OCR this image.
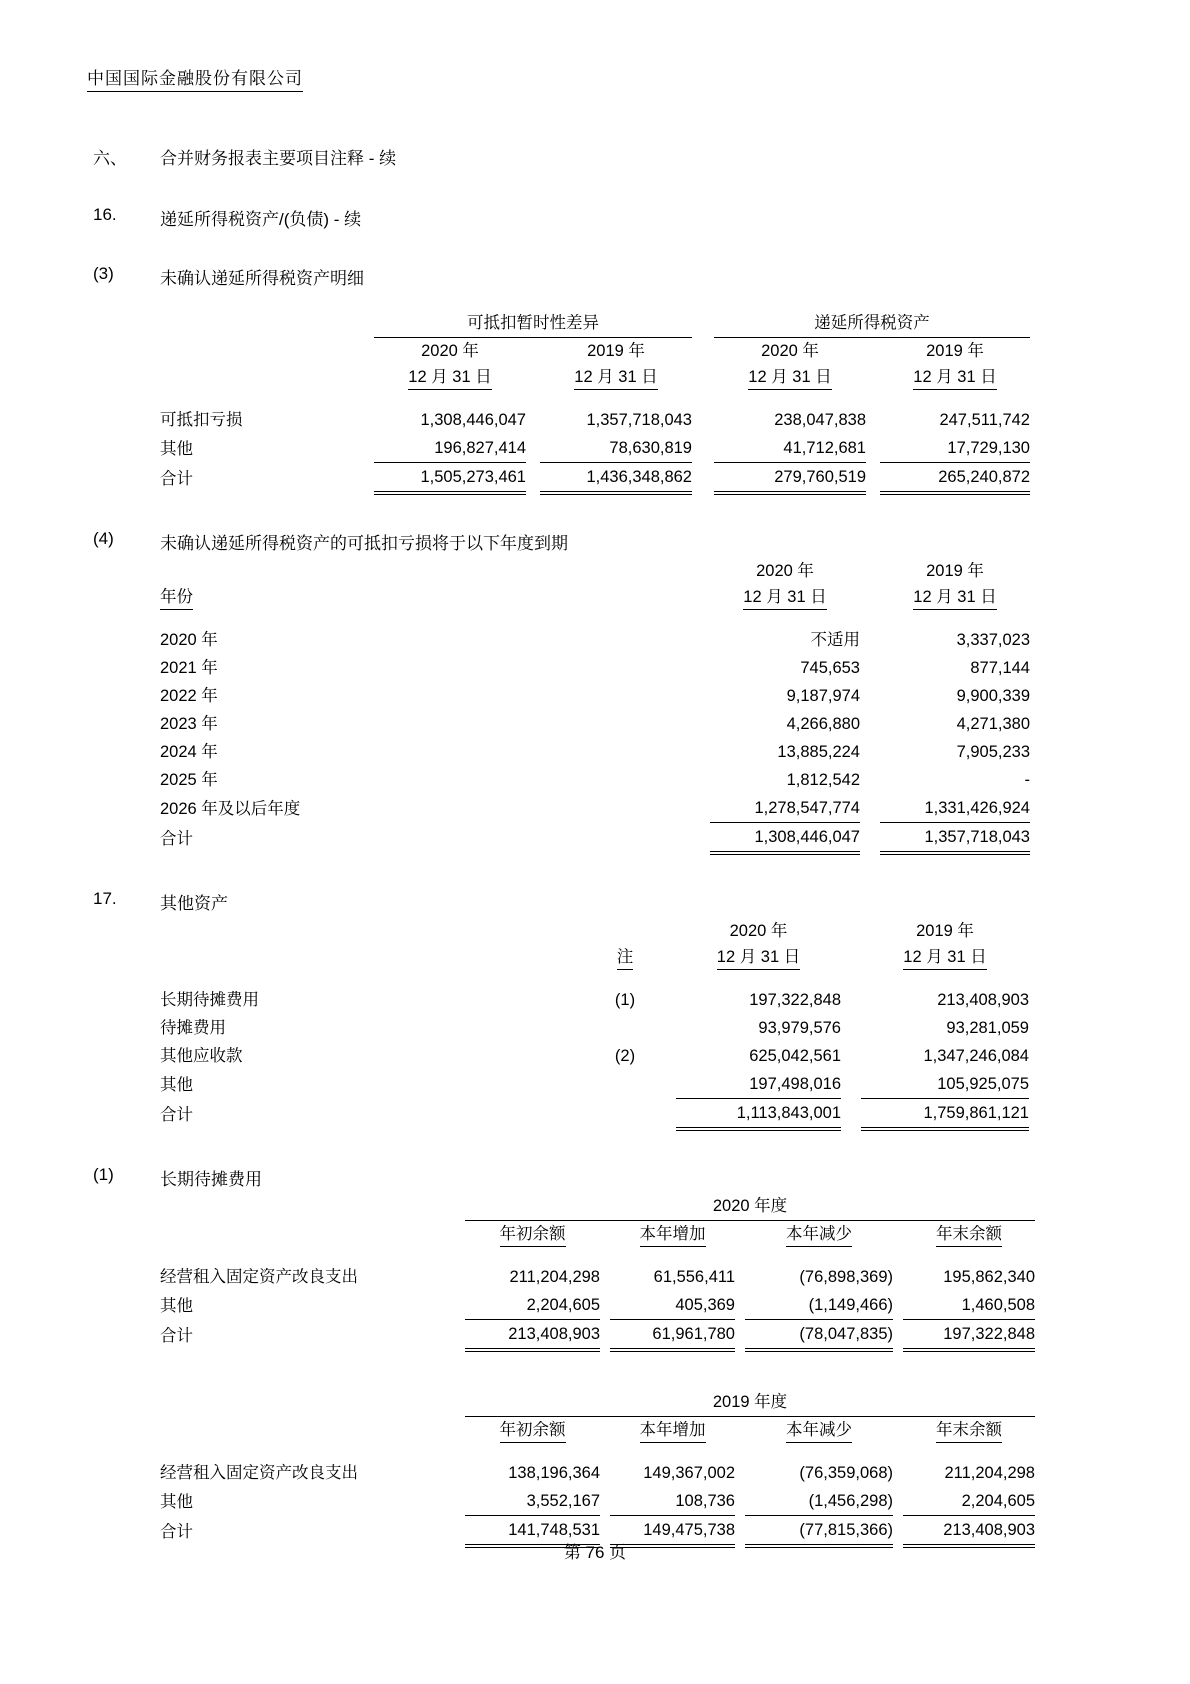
中国国际金融股份有限公司
六、	合并财务报表主要项目注释 - 续
16.	递延所得税资产/(负债) - 续
(3)	未确认递延所得税资产明细
	可抵扣暂时性差异				递延所得税资产		
	2020 年		2019 年		2020 年		2019 年
	12 月 31 日		12 月 31 日		12 月 31 日		12 月 31 日

可抵扣亏损	1,308,446,047		1,357,718,043		238,047,838		247,511,742
其他	196,827,414		78,630,819		41,712,681		17,729,130
合计	1,505,273,461		1,436,348,862		279,760,519		265,240,872
(4)	未确认递延所得税资产的可抵扣亏损将于以下年度到期
	2020 年		2019 年
年份	12 月 31 日		12 月 31 日

2020 年	不适用		3,337,023
2021 年	745,653		877,144
2022 年	9,187,974		9,900,339
2023 年	4,266,880		4,271,380
2024 年	13,885,224		7,905,233
2025 年	1,812,542		-
2026 年及以后年度	1,278,547,774		1,331,426,924
合计	1,308,446,047		1,357,718,043
17.	其他资产
			2020 年		2019 年
	注		12 月 31 日		12 月 31 日

长期待摊费用	(1)		197,322,848		213,408,903
待摊费用			93,979,576		93,281,059
其他应收款	(2)		625,042,561		1,347,246,084
其他			197,498,016		105,925,075
合计			1,113,843,001		1,759,861,121
(1)	长期待摊费用
	2020 年度						
	年初余额		本年增加		本年减少		年末余额

经营租入固定资产改良支出	211,204,298		61,556,411		(76,898,369)		195,862,340
其他	2,204,605		405,369		(1,149,466)		1,460,508
合计	213,408,903		61,961,780		(78,047,835)		197,322,848
	2019 年度						
	年初余额		本年增加		本年减少		年末余额

经营租入固定资产改良支出	138,196,364		149,367,002		(76,359,068)		211,204,298
其他	3,552,167		108,736		(1,456,298)		2,204,605
合计	141,748,531		149,475,738		(77,815,366)		213,408,903
第 76 页
